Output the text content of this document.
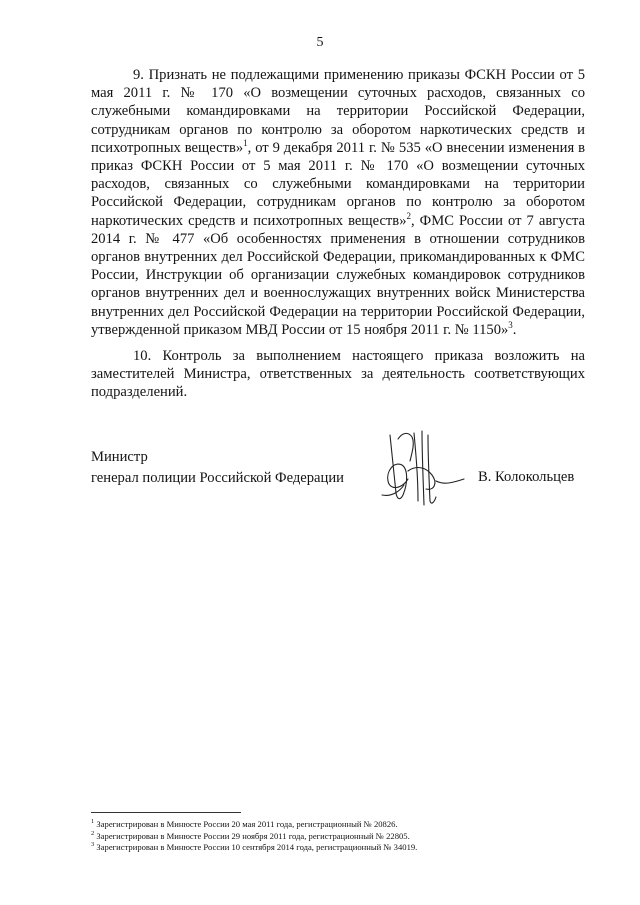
5
9. Признать не подлежащими применению приказы ФСКН России от 5 мая 2011 г. № 170 «О возмещении суточных расходов, связанных со служебными командировками на территории Российской Федерации, сотрудникам органов по контролю за оборотом наркотических средств и психотропных веществ»$^1$, от 9 декабря 2011 г. № 535 «О внесении изменения в приказ ФСКН России от 5 мая 2011 г. № 170 «О возмещении суточных расходов, связанных со служебными командировками на территории Российской Федерации, сотрудникам органов по контролю за оборотом наркотических средств и психотропных веществ»$^2$, ФМС России от 7 августа 2014 г. № 477 «Об особенностях применения в отношении сотрудников органов внутренних дел Российской Федерации, прикомандированных к ФМС России, Инструкции об организации служебных командировок сотрудников органов внутренних дел и военнослужащих внутренних войск Министерства внутренних дел Российской Федерации на территории Российской Федерации, утвержденной приказом МВД России от 15 ноября 2011 г. № 1150»$^3$.
10. Контроль за выполнением настоящего приказа возложить на заместителей Министра, ответственных за деятельность соответствующих подразделений.
Министр
генерал полиции Российской Федерации	В. Колокольцев
$^1$ Зарегистрирован в Минюсте России 20 мая 2011 года, регистрационный № 20826.
$^2$ Зарегистрирован в Минюсте России 29 ноября 2011 года, регистрационный № 22805.
$^3$ Зарегистрирован в Минюсте России 10 сентября 2014 года, регистрационный № 34019.
